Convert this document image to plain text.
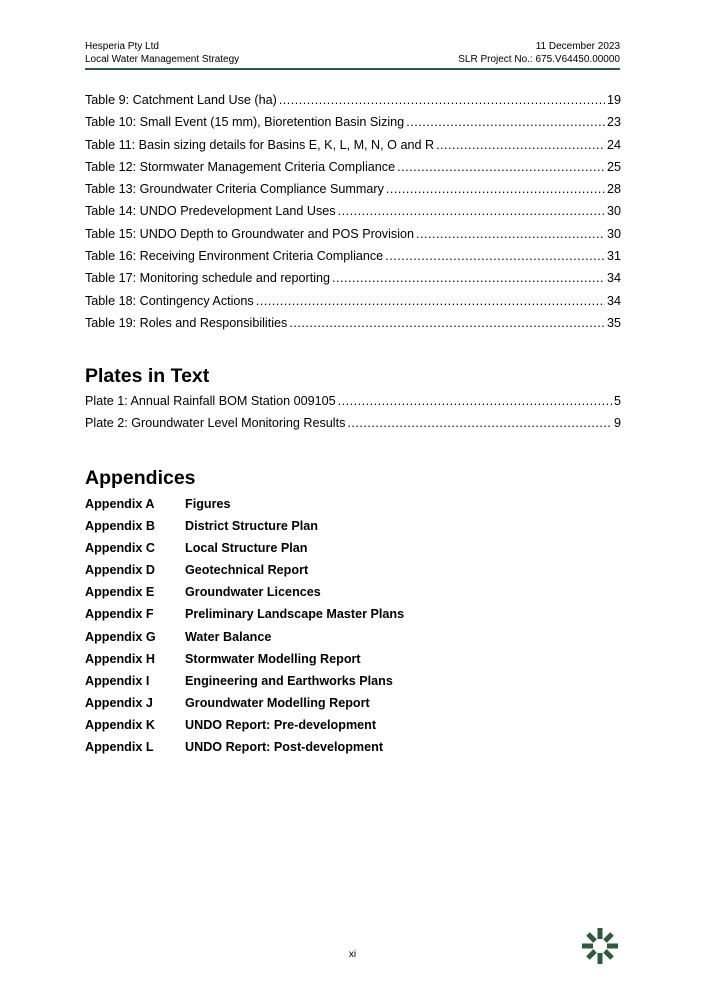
Hesperia Pty Ltd	11 December 2023
Local Water Management Strategy	SLR Project No.: 675.V64450.00000
Table 9: Catchment Land Use (ha) .....	19
Table 10: Small Event (15 mm), Bioretention Basin Sizing .....	23
Table 11: Basin sizing details for Basins E, K, L, M, N, O and R .....	24
Table 12: Stormwater Management Criteria Compliance .....	25
Table 13: Groundwater Criteria Compliance Summary .....	28
Table 14: UNDO Predevelopment Land Uses .....	30
Table 15: UNDO Depth to Groundwater and POS Provision .....	30
Table 16: Receiving Environment Criteria Compliance .....	31
Table 17: Monitoring schedule and reporting .....	34
Table 18: Contingency Actions .....	34
Table 19: Roles and Responsibilities .....	35
Plates in Text
Plate 1: Annual Rainfall BOM Station 009105 .....	5
Plate 2: Groundwater Level Monitoring Results .....	9
Appendices
Appendix A	Figures
Appendix B	District Structure Plan
Appendix C	Local Structure Plan
Appendix D	Geotechnical Report
Appendix E	Groundwater Licences
Appendix F	Preliminary Landscape Master Plans
Appendix G	Water Balance
Appendix H	Stormwater Modelling Report
Appendix I	Engineering and Earthworks Plans
Appendix J	Groundwater Modelling Report
Appendix K	UNDO Report: Pre-development
Appendix L	UNDO Report: Post-development
xi
